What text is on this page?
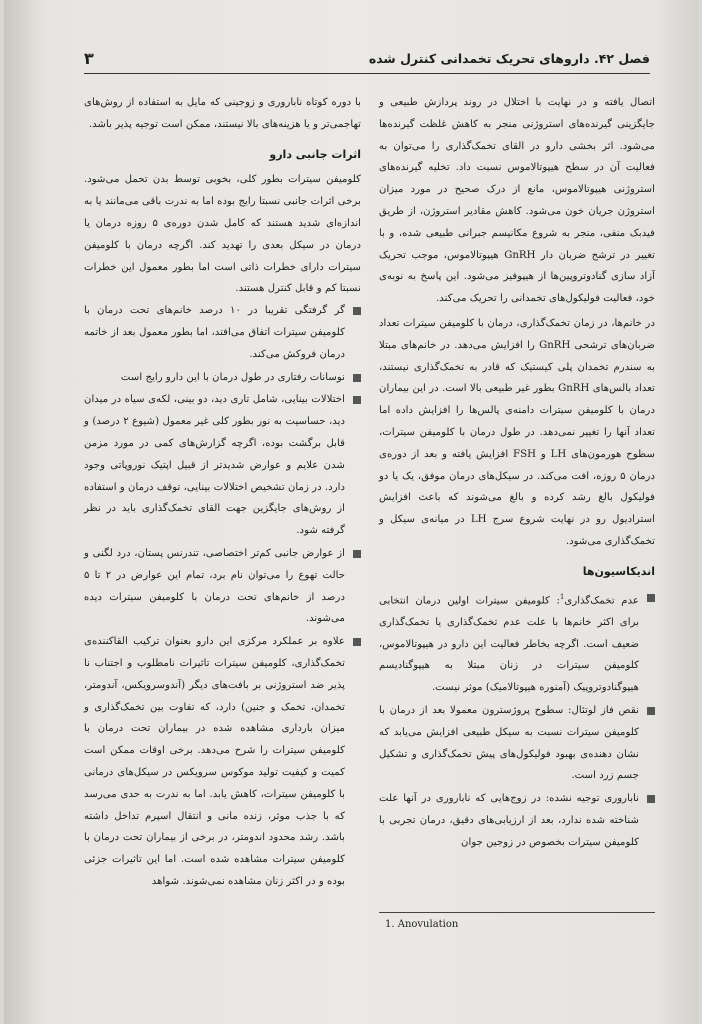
۳	فصل ۴۲. داروهای تحریک تخمدانی کنترل شده

اتصال یافته و در نهایت با اختلال در روند پردازش طبیعی و جایگزینی گیرنده‌های استروژنی منجر به کاهش غلظت گیرنده‌ها می‌شود. اثر بخشی دارو در القای تخمک‌گذاری را می‌توان به فعالیت آن در سطح هیپوتالاموس نسبت داد. تخلیه گیرنده‌های استروژنی هیپوتالاموس، مانع از درک صحیح در مورد میزان استروژن جریان خون می‌شود. کاهش مقادیر استروژن، از طریق فیدبک منفی، منجر به شروع مکانیسم جبرانی طبیعی شده، و با تغییر در ترشح ضربان دار GnRH هیپوتالاموس، موجب تحریک آزاد سازی گنادوتروپین‌ها از هیپوفیز می‌شود. این پاسخ به نوبه‌ی خود، فعالیت فولیکول‌های تخمدانی را تحریک می‌کند.

در خانم‌ها، در زمان تخمک‌گذاری، درمان با کلومیفن سیترات تعداد ضربان‌های ترشحی GnRH را افزایش می‌دهد. در خانم‌های مبتلا به سندرم تخمدان پلی کیستیک که قادر به تخمک‌گذاری نیستند، تعداد بالس‌های GnRH بطور غیر طبیعی بالا است. در این بیماران درمان با کلومیفن سیترات دامنه‌ی پالس‌ها را افزایش داده اما تعداد آنها را تغییر نمی‌دهد. در طول درمان با کلومیفن سیترات، سطوح هورمون‌های LH و FSH افزایش یافته و بعد از دوره‌ی درمان ۵ روزه، افت می‌کند. در سیکل‌های درمان موفق، یک یا دو فولیکول بالغ رشد کرده و بالغ می‌شوند که باعث افزایش استرادیول رو در نهایت شروع سرج LH در میانه‌ی سیکل و تخمک‌گذاری می‌شود.

اندیکاسیون‌ها
عدم تخمک‌گذاری$^1$: کلومیفن سیترات اولین درمان انتخابی برای اکثر خانم‌ها با علت عدم تخمک‌گذاری یا تخمک‌گذاری ضعیف است. اگرچه بخاطر فعالیت این دارو در هیپوتالاموس، کلومیفن سیترات در زنان مبتلا به هیپوگنادیسم هیپوگنادوتروپیک (آمنوره هیپوتالامیک) موثر نیست.
نقص فاز لوتئال: سطوح پروژسترون معمولا بعد از درمان با کلومیفن سیترات نسبت به سیکل طبیعی افزایش می‌یابد که نشان دهنده‌ی بهبود فولیکول‌های پیش تخمک‌گذاری و تشکیل جسم زرد است.
ناباروری توجیه نشده: در زوج‌هایی که ناباروری در آنها علت شناخته شده ندارد، بعد از ارزیابی‌های دقیق، درمان تجربی با کلومیفن سیترات بخصوص در زوجین جوان
1. Anovulation

با دوره کوتاه ناباروری و زوجینی که مایل به استفاده از روش‌های تهاجمی‌تر و یا هزینه‌های بالا نیستند، ممکن است توجیه پذیر باشد.

اثرات جانبی دارو

کلومیفن سیترات بطور کلی، بخوبی توسط بدن تحمل می‌شود. برخی اثرات جانبی نسبتا رایج بوده اما به ندرت باقی می‌مانند یا به اندازه‌ای شدید هستند که کامل شدن دوره‌ی ۵ روزه درمان یا درمان در سیکل بعدی را تهدید کند. اگرچه درمان با کلومیفن سیترات دارای خطرات ذاتی است اما بطور معمول این خطرات نسبتا کم و قابل کنترل هستند.

گر گرفتگی تقریبا در ۱۰ درصد خانم‌های تحت درمان با کلومیفن سیترات اتفاق می‌افتد، اما بطور معمول بعد از خاتمه درمان فروکش می‌کند.
نوسانات رفتاری در طول درمان با این دارو رایج است
اختلالات بینایی، شامل تاری دید، دو بینی، لکه‌ی سیاه در میدان دید، حساسیت به نور بطور کلی غیر معمول (شیوع ۲ درصد) و قابل برگشت بوده، اگرچه گزارش‌های کمی در مورد مزمن شدن علایم و عوارض شدیدتر از قبیل اپتیک نوروپاتی وجود دارد. در زمان تشخیص اختلالات بینایی، توقف درمان و استفاده از روش‌های جایگزین جهت القای تخمک‌گذاری باید در نظر گرفته شود.
از عوارض جانبی کم‌تر اختصاصی، تندرنس پستان، درد لگنی و حالت تهوع را می‌توان نام برد، تمام این عوارض در ۲ تا ۵ درصد از خانم‌های تحت درمان با کلومیفن سیترات دیده می‌شوند.
علاوه بر عملکرد مرکزی این دارو بعنوان ترکیب القاکننده‌ی تخمک‌گذاری، کلومیفن سیترات تاثیرات نامطلوب و اجتناب نا پذیر ضد استروژنی بر بافت‌های دیگر (آندوسرویکس، آندومتر، تخمدان، تخمک و جنین) دارد، که تفاوت بین تخمک‌گذاری و میزان بارداری مشاهده شده در بیماران تحت درمان با کلومیفن سیترات را شرح می‌دهد. برخی اوقات ممکن است کمیت و کیفیت تولید موکوس سرویکس در سیکل‌های درمانی با کلومیفن سیترات، کاهش یابد. اما به ندرت به حدی می‌رسد که با جذب موثر، زنده مانی و انتقال اسپرم تداخل داشته باشد. رشد محدود اندومتر، در برخی از بیماران تحت درمان با کلومیفن سیترات مشاهده شده است. اما این تاثیرات جزئی بوده و در اکثر زنان مشاهده نمی‌شوند. شواهد
